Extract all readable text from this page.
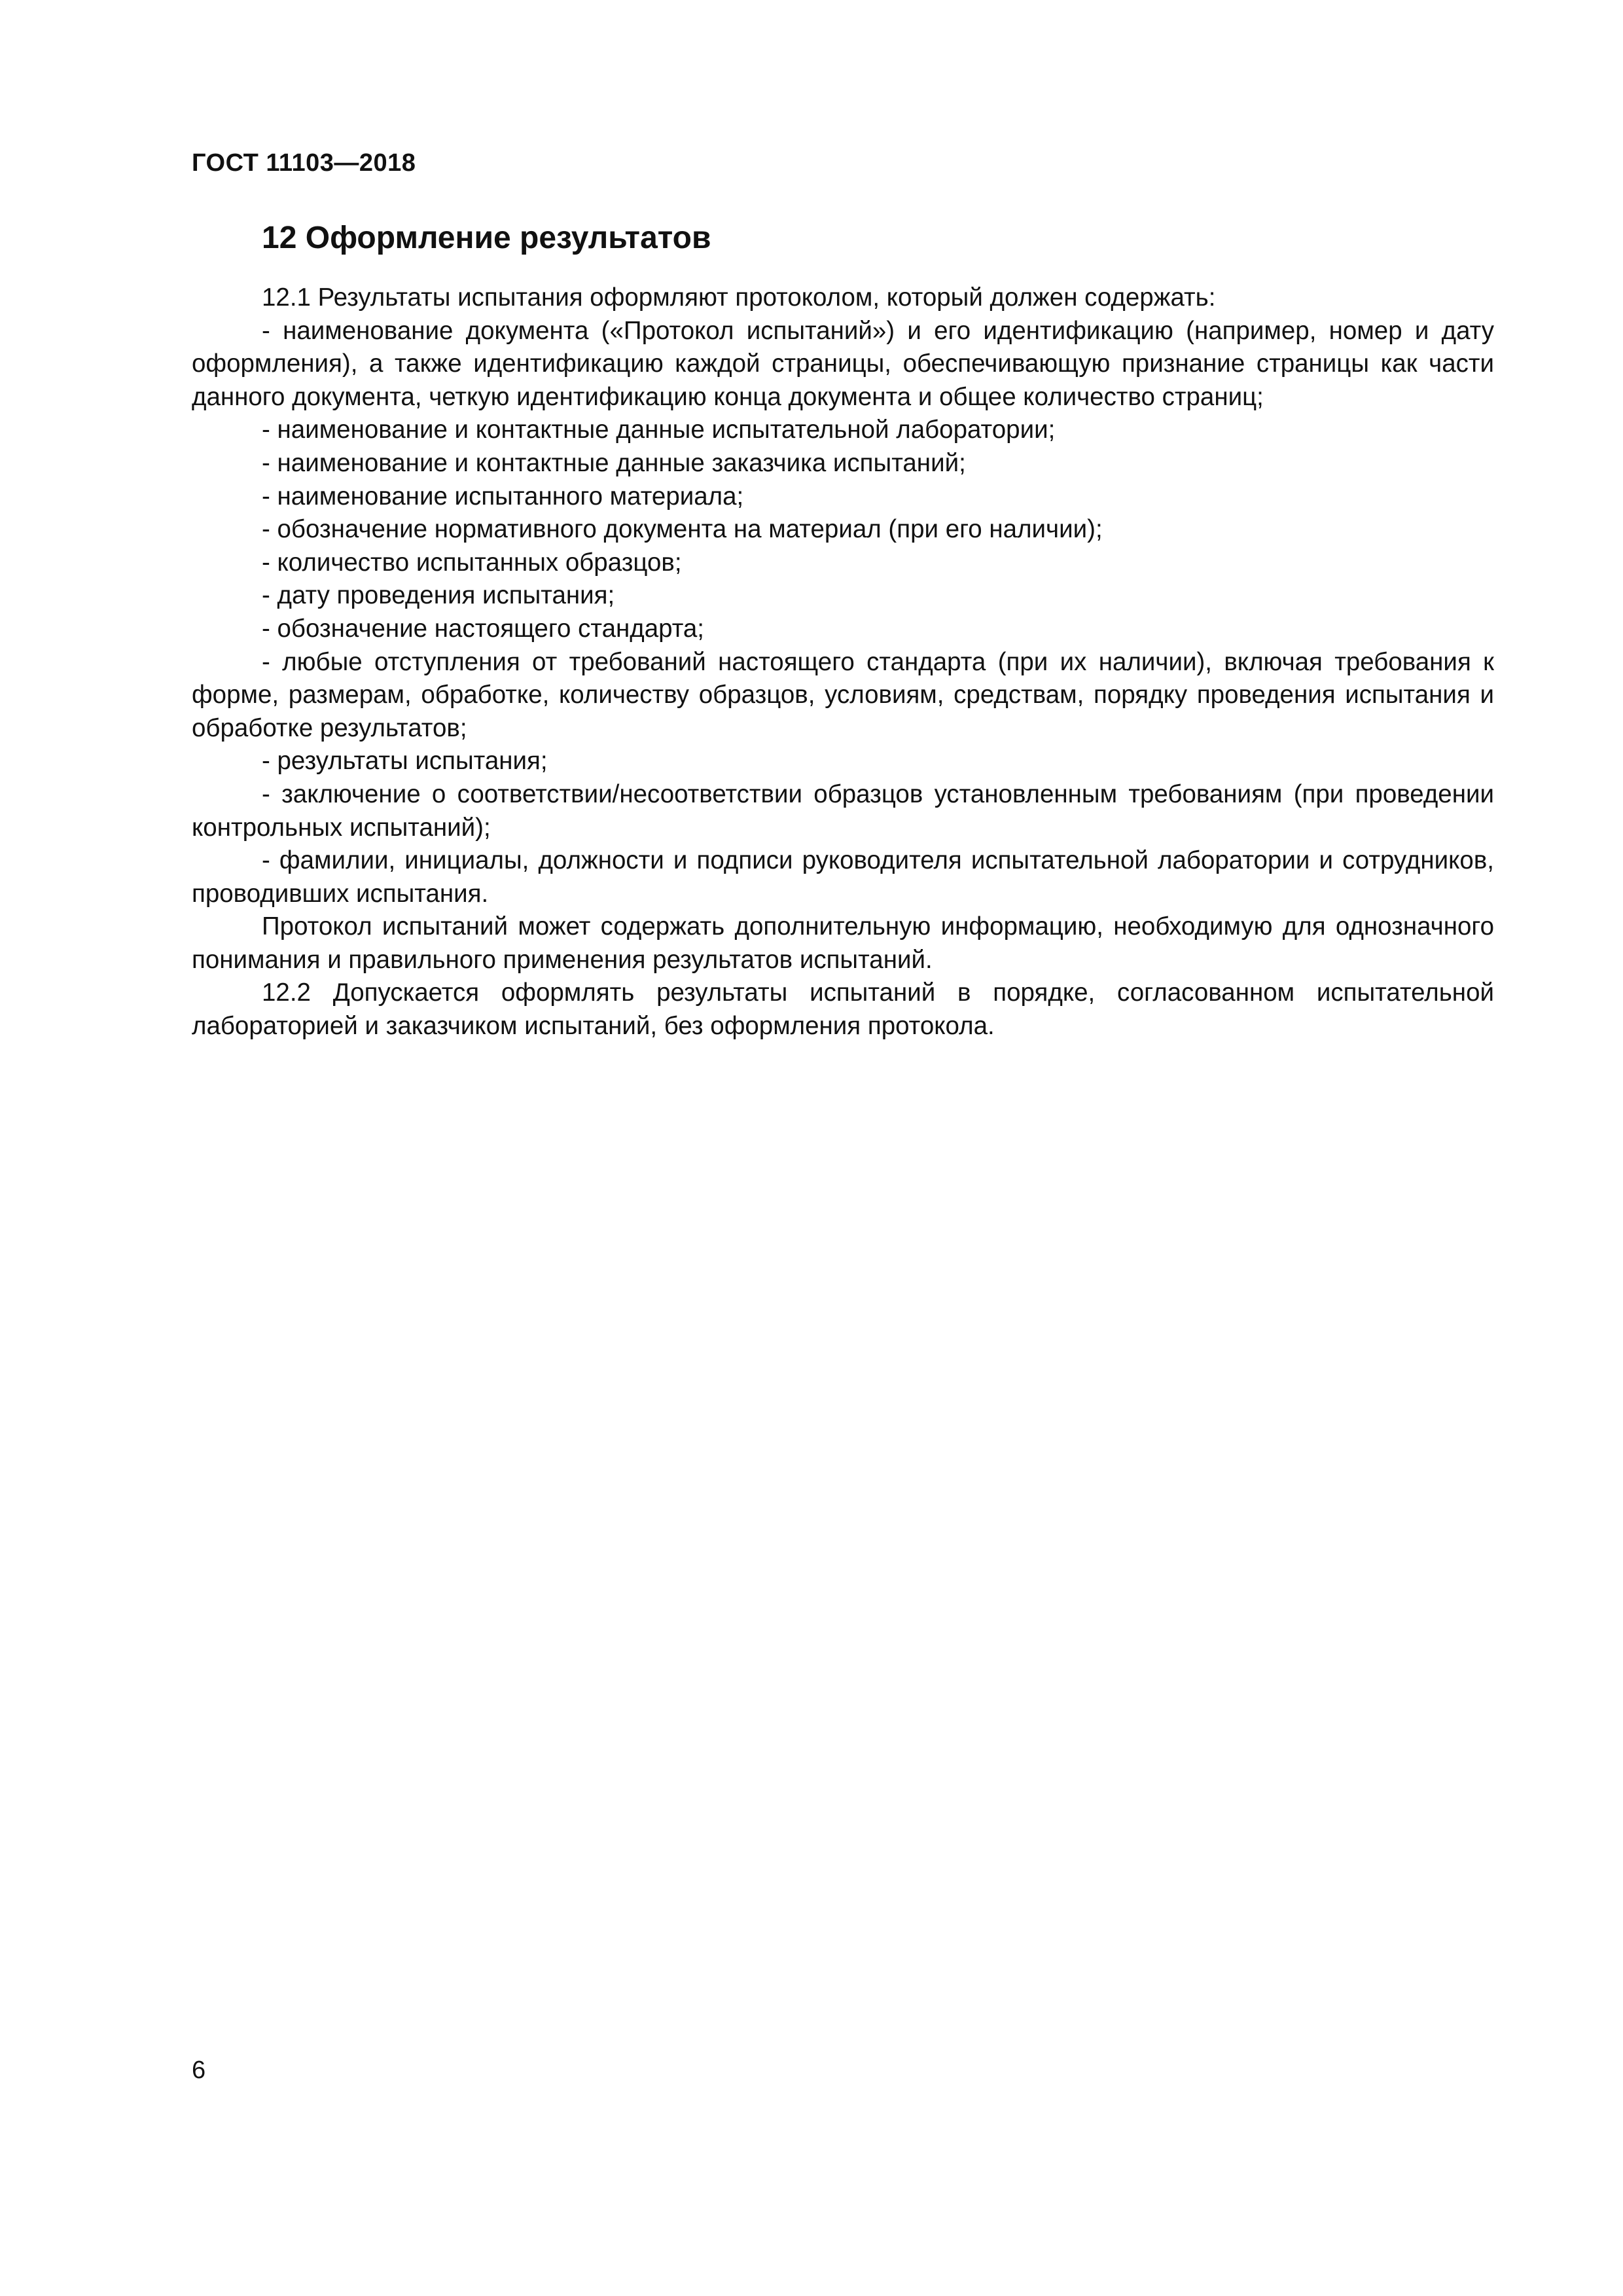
ГОСТ 11103—2018
12 Оформление результатов

12.1 Результаты испытания оформляют протоколом, который должен содержать:

- наименование документа («Протокол испытаний») и его идентификацию (например, номер и дату оформления), а также идентификацию каждой страницы, обеспечивающую признание страницы как части данного документа, четкую идентификацию конца документа и общее количество страниц;

- наименование и контактные данные испытательной лаборатории;

- наименование и контактные данные заказчика испытаний;

- наименование испытанного материала;

- обозначение нормативного документа на материал (при его наличии);

- количество испытанных образцов;

- дату проведения испытания;

- обозначение настоящего стандарта;

- любые отступления от требований настоящего стандарта (при их наличии), включая требования к форме, размерам, обработке, количеству образцов, условиям, средствам, порядку проведения испытания и обработке результатов;

- результаты испытания;

- заключение о соответствии/несоответствии образцов установленным требованиям (при проведении контрольных испытаний);

- фамилии, инициалы, должности и подписи руководителя испытательной лаборатории и сотрудников, проводивших испытания.

Протокол испытаний может содержать дополнительную информацию, необходимую для однозначного понимания и правильного применения результатов испытаний.

12.2 Допускается оформлять результаты испытаний в порядке, согласованном испытательной лабораторией и заказчиком испытаний, без оформления протокола.

6
